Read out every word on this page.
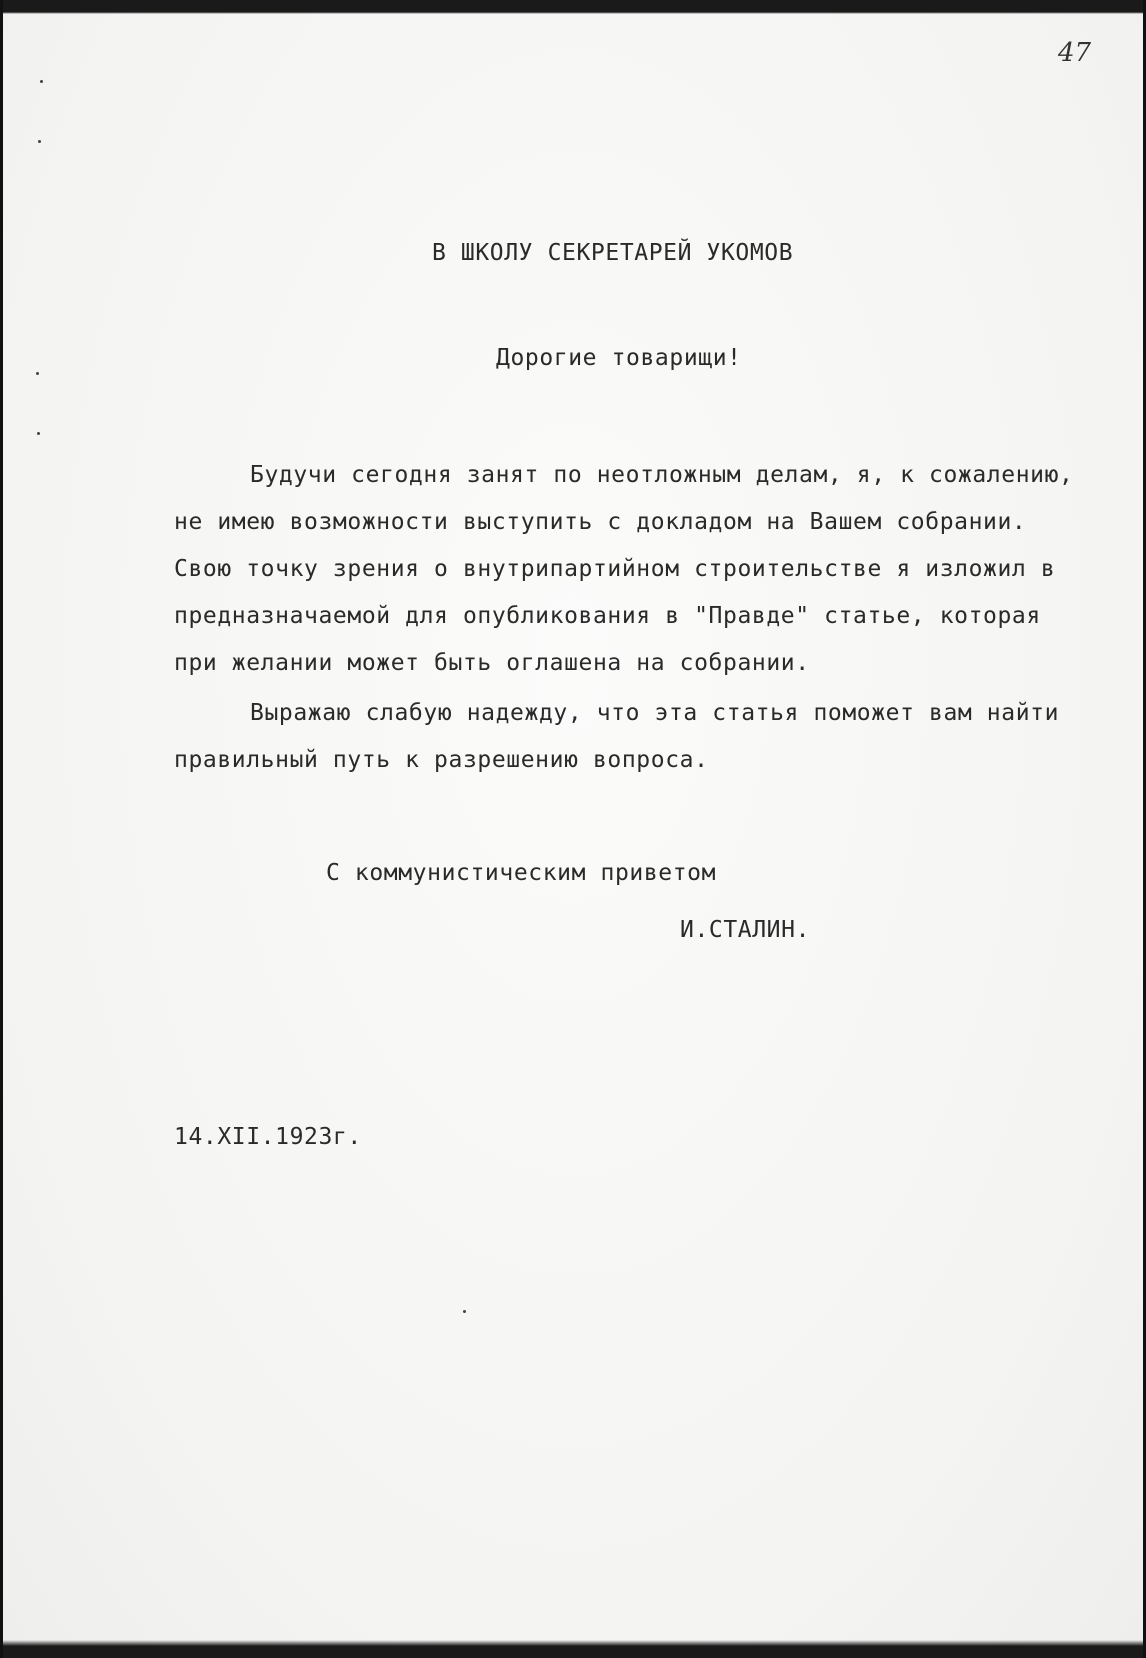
47
В ШКОЛУ СЕКРЕТАРЕЙ УКОМОВ
Дорогие товарищи!
Будучи сегодня занят по неотложным делам, я, к сожалению,
не имею возможности выступить с докладом на Вашем собрании.
Свою точку зрения о внутрипартийном строительстве я изложил в
предназначаемой для опубликования в "Правде" статье, которая
при желании может быть оглашена на собрании.
Выражаю слабую надежду, что эта статья поможет вам найти
правильный путь к разрешению вопроса.
С коммунистическим приветом
И.СТАЛИН.
14.XII.1923г.
